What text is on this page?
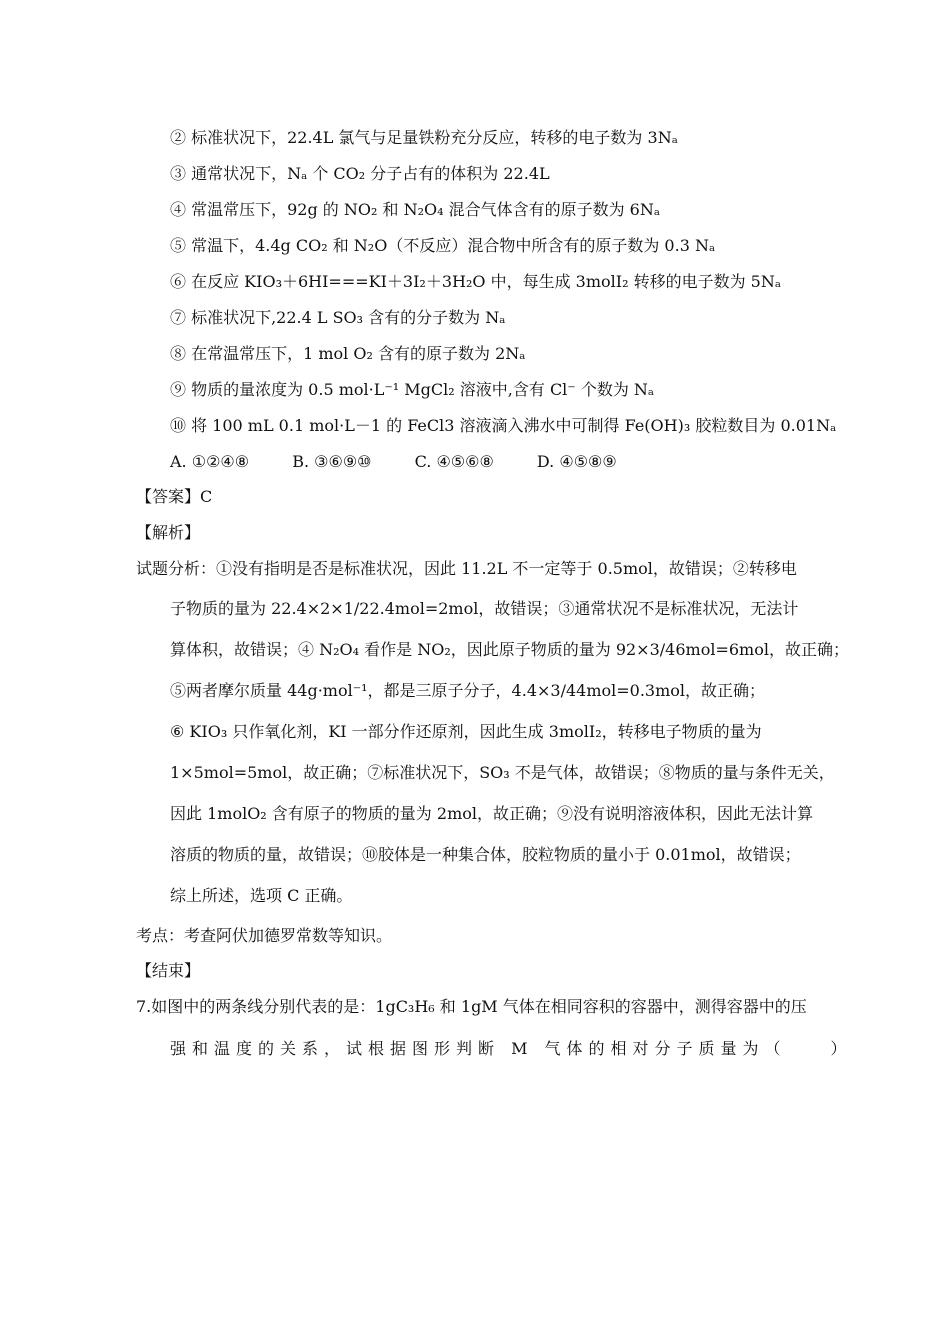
② 标准状况下，22.4L 氯气与足量铁粉充分反应，转移的电子数为 3Nₐ
③ 通常状况下，Nₐ 个 CO₂ 分子占有的体积为 22.4L
④ 常温常压下，92g 的 NO₂ 和 N₂O₄ 混合气体含有的原子数为 6Nₐ
⑤ 常温下，4.4g CO₂ 和 N₂O（不反应）混合物中所含有的原子数为 0.3 Nₐ
⑥ 在反应 KIO₃＋6HI===KI＋3I₂＋3H₂O 中，每生成 3molI₂ 转移的电子数为 5Nₐ
⑦ 标准状况下,22.4 L SO₃ 含有的分子数为 Nₐ
⑧ 在常温常压下，1 mol O₂ 含有的原子数为 2Nₐ
⑨ 物质的量浓度为 0.5 mol·L⁻¹ MgCl₂ 溶液中,含有 Cl⁻ 个数为 Nₐ
⑩ 将 100 mL 0.1 mol·L－1 的 FeCl3 溶液滴入沸水中可制得 Fe(OH)₃ 胶粒数目为 0.01Nₐ
A. ①②④⑧	B. ③⑥⑨⑩	C. ④⑤⑥⑧	D. ④⑤⑧⑨
【答案】C
【解析】
试题分析：①没有指明是否是标准状况，因此 11.2L 不一定等于 0.5mol，故错误；②转移电
子物质的量为 22.4×2×1/22.4mol=2mol，故错误；③通常状况不是标准状况，无法计
算体积，故错误；④ N₂O₄ 看作是 NO₂，因此原子物质的量为 92×3/46mol=6mol，故正确；
⑤两者摩尔质量 44g·mol⁻¹，都是三原子分子，4.4×3/44mol=0.3mol，故正确；
⑥ KIO₃ 只作氧化剂，KI 一部分作还原剂，因此生成 3molI₂，转移电子物质的量为
1×5mol=5mol，故正确；⑦标准状况下，SO₃ 不是气体，故错误；⑧物质的量与条件无关，
因此 1molO₂ 含有原子的物质的量为 2mol，故正确；⑨没有说明溶液体积，因此无法计算
溶质的物质的量，故错误；⑩胶体是一种集合体，胶粒物质的量小于 0.01mol，故错误；
综上所述，选项 C 正确。
考点：考查阿伏加德罗常数等知识。
【结束】
7.如图中的两条线分别代表的是：1gC₃H₆ 和 1gM 气体在相同容积的容器中，测得容器中的压
强和温度的关系，试根据图形判断 M 气体的相对分子质量为（　　）
